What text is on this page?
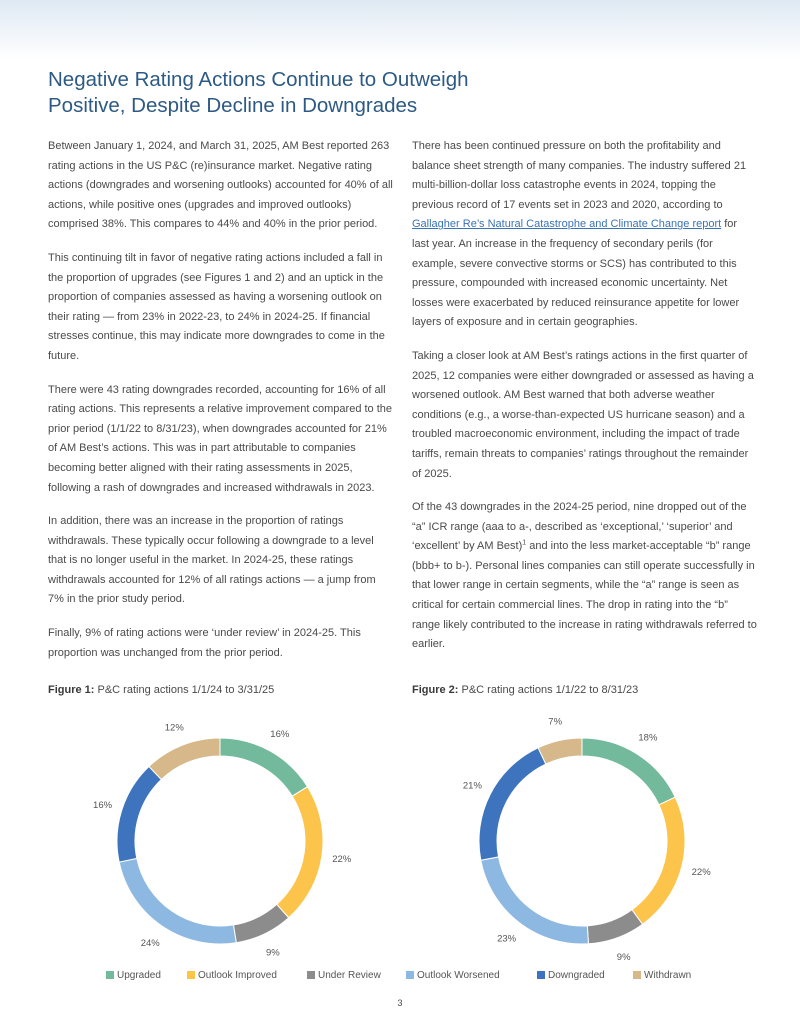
Negative Rating Actions Continue to Outweigh
Positive, Despite Decline in Downgrades

Between January 1, 2024, and March 31, 2025, AM Best reported 263 rating actions in the US P&C (re)insurance market. Negative rating actions (downgrades and worsening outlooks) accounted for 40% of all actions, while positive ones (upgrades and improved outlooks) comprised 38%. This compares to 44% and 40% in the prior period.

This continuing tilt in favor of negative rating actions included a fall in the proportion of upgrades (see Figures 1 and 2) and an uptick in the proportion of companies assessed as having a worsening outlook on their rating — from 23% in 2022-23, to 24% in 2024-25. If financial stresses continue, this may indicate more downgrades to come in the future.

There were 43 rating downgrades recorded, accounting for 16% of all rating actions. This represents a relative improvement compared to the prior period (1/1/22 to 8/31/23), when downgrades accounted for 21% of AM Best’s actions. This was in part attributable to companies becoming better aligned with their rating assessments in 2025, following a rash of downgrades and increased withdrawals in 2023.

In addition, there was an increase in the proportion of ratings withdrawals. These typically occur following a downgrade to a level that is no longer useful in the market. In 2024-25, these ratings withdrawals accounted for 12% of all ratings actions — a jump from 7% in the prior study period.

Finally, 9% of rating actions were ‘under review’ in 2024-25. This proportion was unchanged from the prior period.

There has been continued pressure on both the profitability and balance sheet strength of many companies. The industry suffered 21 multi-billion-dollar loss catastrophe events in 2024, topping the previous record of 17 events set in 2023 and 2020, according to Gallagher Re’s Natural Catastrophe and Climate Change report for last year. An increase in the frequency of secondary perils (for example, severe convective storms or SCS) has contributed to this pressure, compounded with increased economic uncertainty. Net losses were exacerbated by reduced reinsurance appetite for lower layers of exposure and in certain geographies.

Taking a closer look at AM Best’s ratings actions in the first quarter of 2025, 12 companies were either downgraded or assessed as having a worsened outlook. AM Best warned that both adverse weather conditions (e.g., a worse-than-expected US hurricane season) and a troubled macroeconomic environment, including the impact of trade tariffs, remain threats to companies’ ratings throughout the remainder of 2025.

Of the 43 downgrades in the 2024-25 period, nine dropped out of the “a” ICR range (aaa to a-, described as ‘exceptional,’ ‘superior’ and ‘excellent’ by AM Best)$^1$ and into the less market-acceptable “b” range (bbb+ to b-). Personal lines companies can still operate successfully in that lower range in certain segments, while the “a” range is seen as critical for certain commercial lines. The drop in rating into the “b” range likely contributed to the increase in rating withdrawals referred to earlier.

Figure 1: P&C rating actions 1/1/24 to 3/31/25	Figure 2: P&C rating actions 1/1/22 to 8/31/23

16%
22%
9%
24%
16%
12%
18%
22%
9%
23%
21%
7%
Upgraded	Outlook Improved	Under Review	Outlook Worsened	Downgraded	Withdrawn
3
